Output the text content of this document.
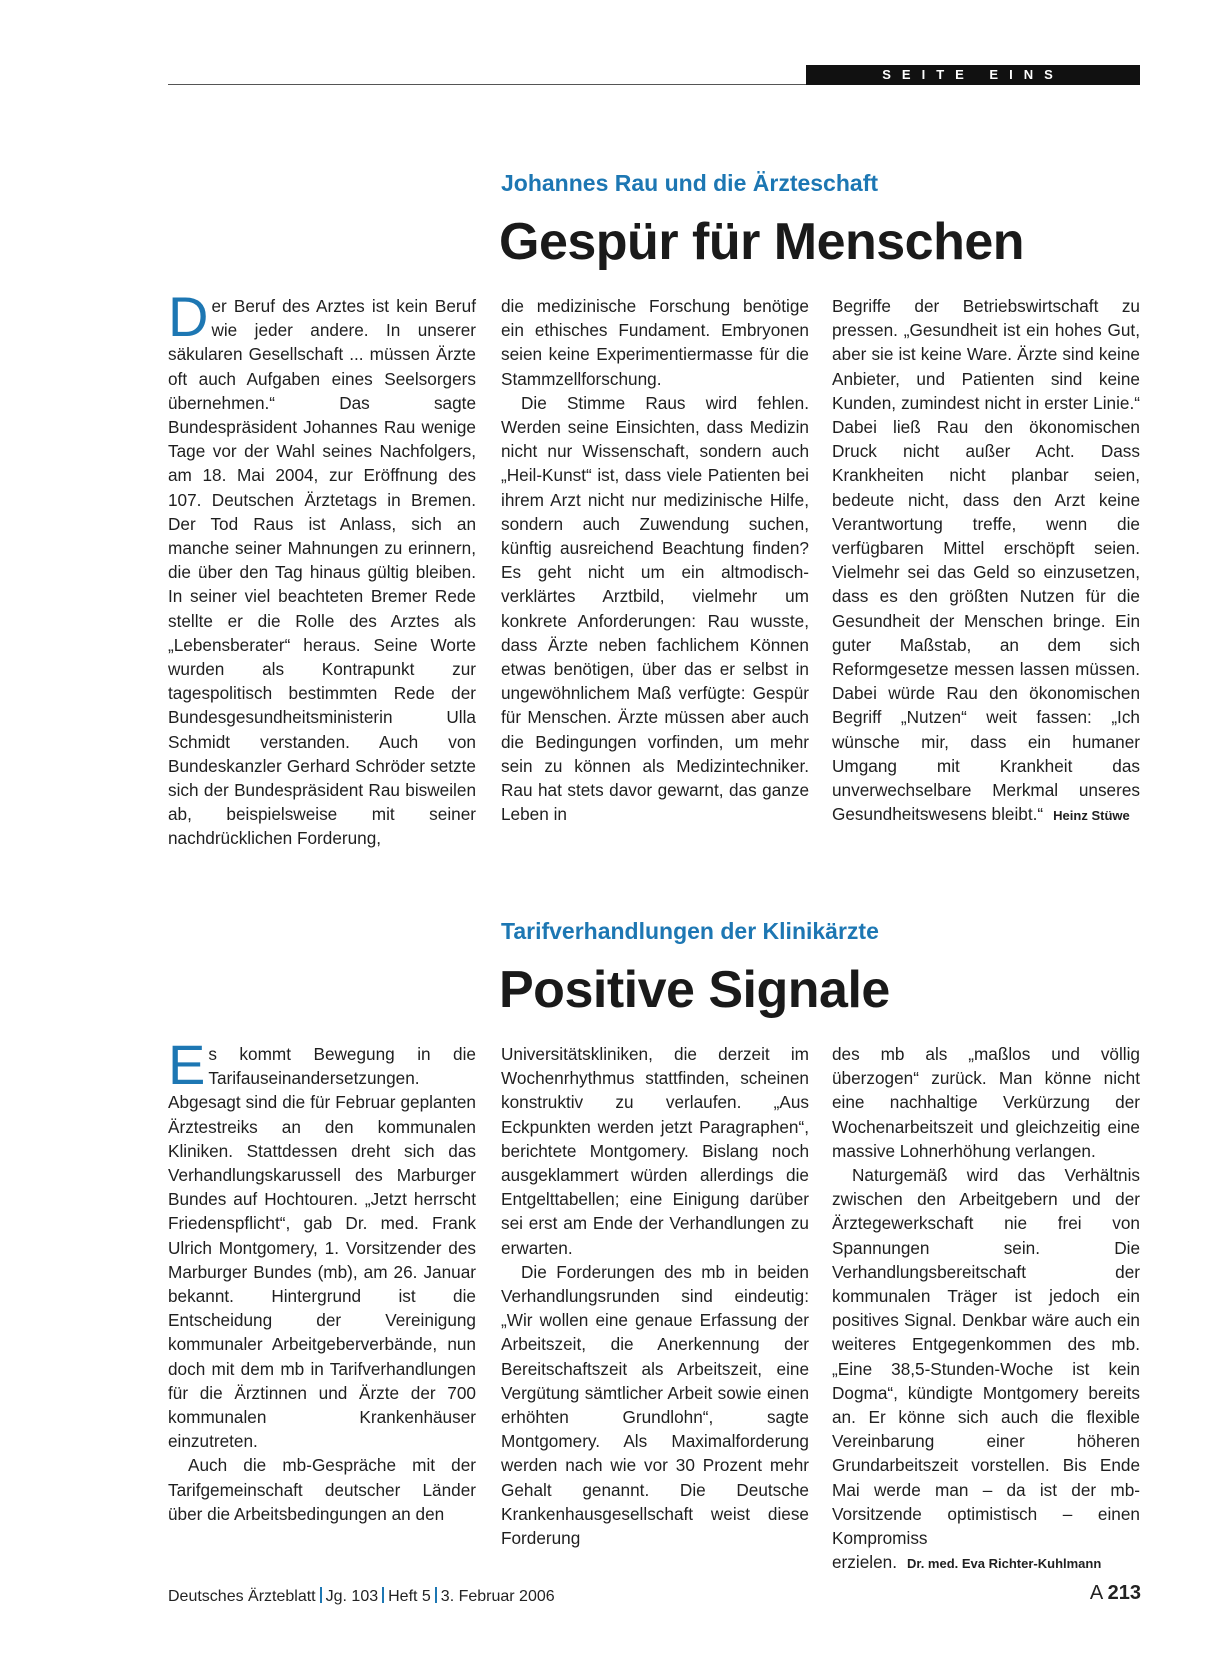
SEITE EINS
Johannes Rau und die Ärzteschaft
Gespür für Menschen

Der Beruf des Arztes ist kein Beruf wie jeder andere. In unserer säkularen Gesellschaft ... müssen Ärzte oft auch Aufgaben eines Seelsorgers übernehmen.“ Das sagte Bundespräsident Johannes Rau wenige Tage vor der Wahl seines Nachfolgers, am 18. Mai 2004, zur Eröffnung des 107. Deutschen Ärztetags in Bremen. Der Tod Raus ist Anlass, sich an manche seiner Mahnungen zu erinnern, die über den Tag hinaus gültig bleiben. In seiner viel beachteten Bremer Rede stellte er die Rolle des Arztes als „Lebensberater“ heraus. Seine Worte wurden als Kontrapunkt zur tagespolitisch bestimmten Rede der Bundesgesundheitsministerin Ulla Schmidt verstanden. Auch von Bundeskanzler Gerhard Schröder setzte sich der Bundespräsident Rau bisweilen ab, beispielsweise mit seiner nachdrücklichen Forderung,

die medizinische Forschung benötige ein ethisches Fundament. Embryonen seien keine Experimentiermasse für die Stammzellforschung.

Die Stimme Raus wird fehlen. Werden seine Einsichten, dass Medizin nicht nur Wissenschaft, sondern auch „Heil-Kunst“ ist, dass viele Patienten bei ihrem Arzt nicht nur medizinische Hilfe, sondern auch Zuwendung suchen, künftig ausreichend Beachtung finden? Es geht nicht um ein altmodisch-verklärtes Arztbild, vielmehr um konkrete Anforderungen: Rau wusste, dass Ärzte neben fachlichem Können etwas benötigen, über das er selbst in ungewöhnlichem Maß verfügte: Gespür für Menschen. Ärzte müssen aber auch die Bedingungen vorfinden, um mehr sein zu können als Medizintechniker. Rau hat stets davor gewarnt, das ganze Leben in

Begriffe der Betriebswirtschaft zu pressen. „Gesundheit ist ein hohes Gut, aber sie ist keine Ware. Ärzte sind keine Anbieter, und Patienten sind keine Kunden, zumindest nicht in erster Linie.“ Dabei ließ Rau den ökonomischen Druck nicht außer Acht. Dass Krankheiten nicht planbar seien, bedeute nicht, dass den Arzt keine Verantwortung treffe, wenn die verfügbaren Mittel erschöpft seien. Vielmehr sei das Geld so einzusetzen, dass es den größten Nutzen für die Gesundheit der Menschen bringe. Ein guter Maßstab, an dem sich Reformgesetze messen lassen müssen. Dabei würde Rau den ökonomischen Begriff „Nutzen“ weit fassen: „Ich wünsche mir, dass ein humaner Umgang mit Krankheit das unverwechselbare Merkmal unseres Gesundheitswesens bleibt.“ Heinz Stüwe

Tarifverhandlungen der Klinikärzte
Positive Signale

Es kommt Bewegung in die Tarifauseinandersetzungen. Abgesagt sind die für Februar geplanten Ärztestreiks an den kommunalen Kliniken. Stattdessen dreht sich das Verhandlungskarussell des Marburger Bundes auf Hochtouren. „Jetzt herrscht Friedenspflicht“, gab Dr. med. Frank Ulrich Montgomery, 1. Vorsitzender des Marburger Bundes (mb), am 26. Januar bekannt. Hintergrund ist die Entscheidung der Vereinigung kommunaler Arbeitgeberverbände, nun doch mit dem mb in Tarifverhandlungen für die Ärztinnen und Ärzte der 700 kommunalen Krankenhäuser einzutreten.

Auch die mb-Gespräche mit der Tarifgemeinschaft deutscher Länder über die Arbeitsbedingungen an den

Universitätskliniken, die derzeit im Wochenrhythmus stattfinden, scheinen konstruktiv zu verlaufen. „Aus Eckpunkten werden jetzt Paragraphen“, berichtete Montgomery. Bislang noch ausgeklammert würden allerdings die Entgelttabellen; eine Einigung darüber sei erst am Ende der Verhandlungen zu erwarten.

Die Forderungen des mb in beiden Verhandlungsrunden sind eindeutig: „Wir wollen eine genaue Erfassung der Arbeitszeit, die Anerkennung der Bereitschaftszeit als Arbeitszeit, eine Vergütung sämtlicher Arbeit sowie einen erhöhten Grundlohn“, sagte Montgomery. Als Maximalforderung werden nach wie vor 30 Prozent mehr Gehalt genannt. Die Deutsche Krankenhausgesellschaft weist diese Forderung

des mb als „maßlos und völlig überzogen“ zurück. Man könne nicht eine nachhaltige Verkürzung der Wochenarbeitszeit und gleichzeitig eine massive Lohnerhöhung verlangen.

Naturgemäß wird das Verhältnis zwischen den Arbeitgebern und der Ärztegewerkschaft nie frei von Spannungen sein. Die Verhandlungsbereitschaft der kommunalen Träger ist jedoch ein positives Signal. Denkbar wäre auch ein weiteres Entgegenkommen des mb. „Eine 38,5-Stunden-Woche ist kein Dogma“, kündigte Montgomery bereits an. Er könne sich auch die flexible Vereinbarung einer höheren Grundarbeitszeit vorstellen. Bis Ende Mai werde man – da ist der mb-Vorsitzende optimistisch – einen Kompromiss erzielen. Dr. med. Eva Richter-Kuhlmann

Deutsches Ärzteblatt Jg. 103 Heft 5 3. Februar 2006	A 213
